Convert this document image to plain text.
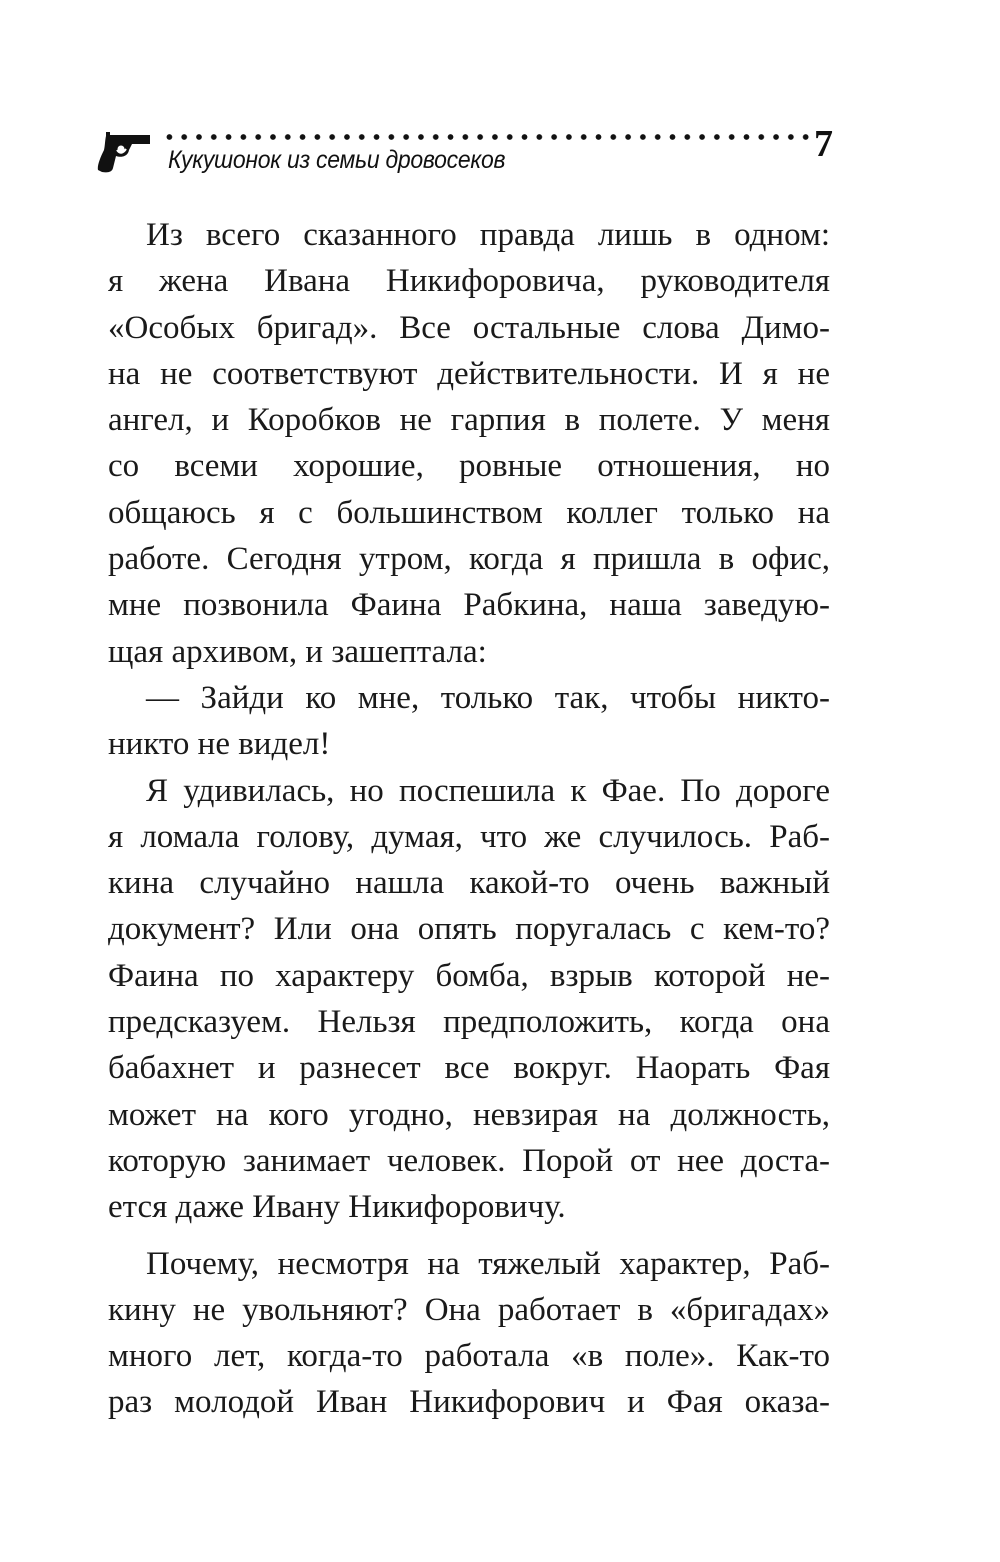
Кукушонок из семьи дровосеков	7
Из всего сказанного правда лишь в одном:
я жена Ивана Никифоровича, руководителя
«Особых бригад». Все остальные слова Димо-
на не соответствуют действительности. И я не
ангел, и Коробков не гарпия в полете. У меня
со всеми хорошие, ровные отношения, но
общаюсь я с большинством коллег только на
работе. Сегодня утром, когда я пришла в офис,
мне позвонила Фаина Рабкина, наша заведую-
щая архивом, и зашептала:
— Зайди ко мне, только так, чтобы никто-
никто не видел!
Я удивилась, но поспешила к Фае. По дороге
я ломала голову, думая, что же случилось. Раб-
кина случайно нашла какой-то очень важный
документ? Или она опять поругалась с кем-то?
Фаина по характеру бомба, взрыв которой не-
предсказуем. Нельзя предположить, когда она
бабахнет и разнесет все вокруг. Наорать Фая
может на кого угодно, невзирая на должность,
которую занимает человек. Порой от нее доста-
ется даже Ивану Никифоровичу.
Почему, несмотря на тяжелый характер, Раб-
кину не увольняют? Она работает в «бригадах»
много лет, когда-то работала «в поле». Как-то
раз молодой Иван Никифорович и Фая оказа-
